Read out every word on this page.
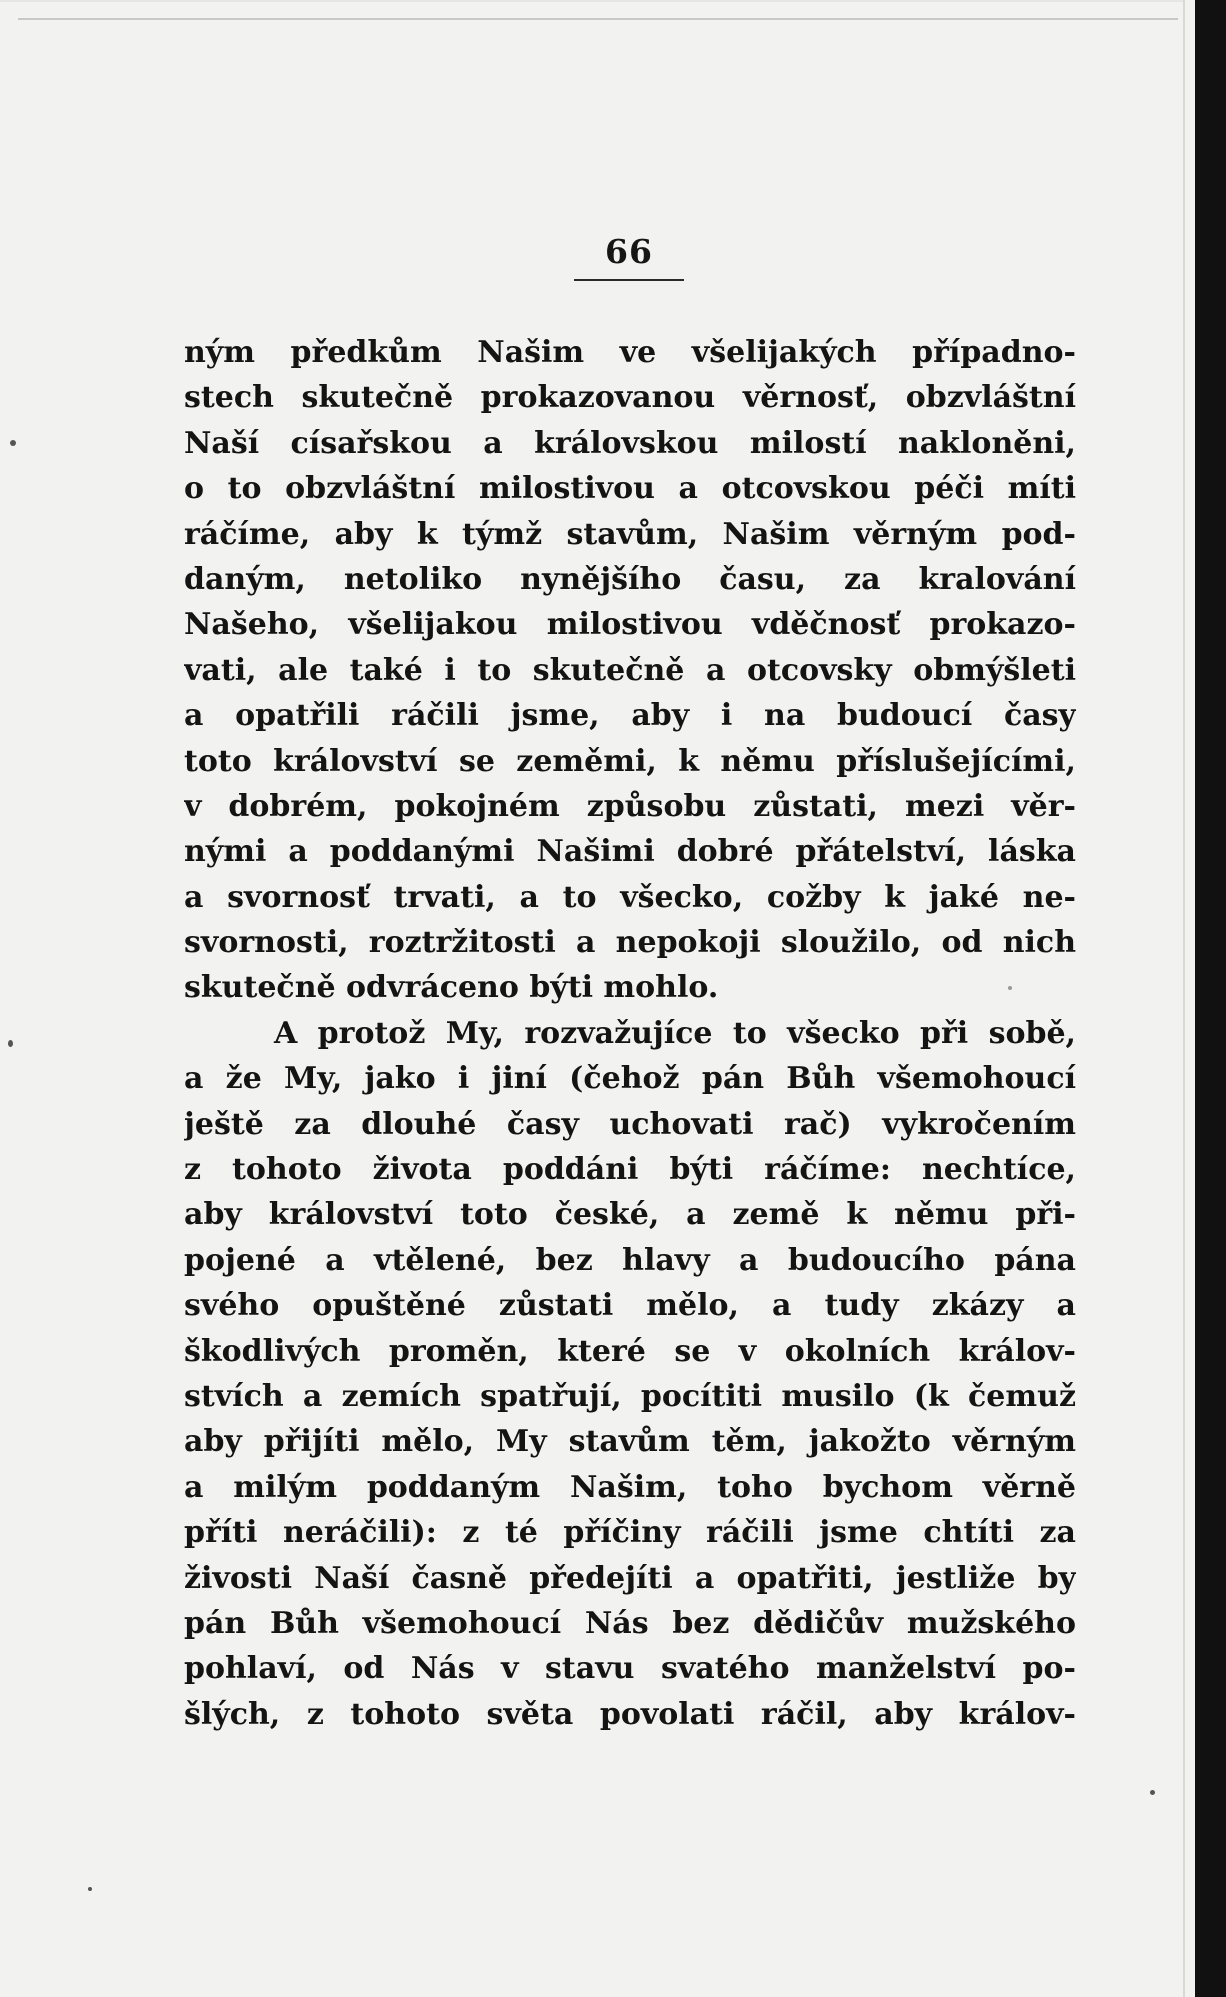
66
ným předkům Našim ve všelijakých případno-
stech skutečně prokazovanou věrnosť, obzvláštní
Naší císařskou a královskou milostí nakloněni,
o to obzvláštní milostivou a otcovskou péči míti
ráčíme, aby k týmž stavům, Našim věrným pod-
daným, netoliko nynějšího času, za kralování
Našeho, všelijakou milostivou vděčnosť prokazo-
vati, ale také i to skutečně a otcovsky obmýšleti
a opatřili ráčili jsme, aby i na budoucí časy
toto království se zeměmi, k němu příslušejícími,
v dobrém, pokojném způsobu zůstati, mezi věr-
nými a poddanými Našimi dobré přátelství, láska
a svornosť trvati, a to všecko, cožby k jaké ne-
svornosti, roztržitosti a nepokoji sloužilo, od nich
skutečně odvráceno býti mohlo.
A protož My, rozvažujíce to všecko při sobě,
a že My, jako i jiní (čehož pán Bůh všemohoucí
ještě za dlouhé časy uchovati rač) vykročením
z tohoto života poddáni býti ráčíme: nechtíce,
aby království toto české, a země k němu při-
pojené a vtělené, bez hlavy a budoucího pána
svého opuštěné zůstati mělo, a tudy zkázy a
škodlivých proměn, které se v okolních králov-
stvích a zemích spatřují, pocítiti musilo (k čemuž
aby přijíti mělo, My stavům těm, jakožto věrným
a milým poddaným Našim, toho bychom věrně
příti neráčili): z té příčiny ráčili jsme chtíti za
živosti Naší časně předejíti a opatřiti, jestliže by
pán Bůh všemohoucí Nás bez dědičův mužského
pohlaví, od Nás v stavu svatého manželství po-
šlých, z tohoto světa povolati ráčil, aby králov-
